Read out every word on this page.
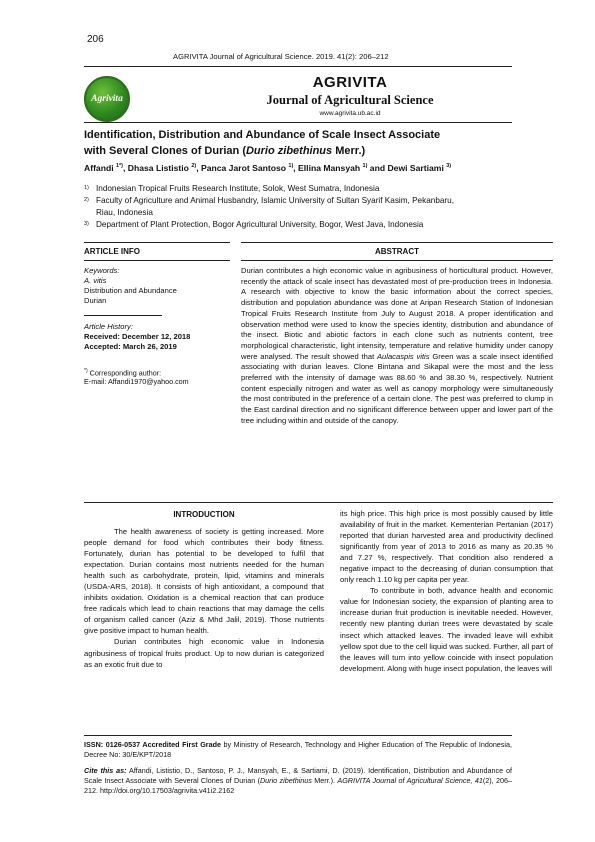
206
AGRIVITA Journal of Agricultural Science. 2019. 41(2): 206–212
Agrivita
AGRIVITA
Journal of Agricultural Science
www.agrivita.ub.ac.id
Identification, Distribution and Abundance of Scale Insect Associate
with Several Clones of Durian (Durio zibethinus Merr.)
Affandi $^{1*)}$, Dhasa Lististio $^{2)}$, Panca Jarot Santoso $^{1)}$, Ellina Mansyah $^{1)}$ and Dewi Sartiami $^{3)}$
$^{1)}$ Indonesian Tropical Fruits Research Institute, Solok, West Sumatra, Indonesia
$^{2)}$ Faculty of Agriculture and Animal Husbandry, Islamic University of Sultan Syarif Kasim, Pekanbaru,
Riau, Indonesia
$^{3)}$ Department of Plant Protection, Bogor Agricultural University, Bogor, West Java, Indonesia
ARTICLE INFO
Keywords:
A. vitis
Distribution and Abundance
Durian
Article History:
Received: December 12, 2018
Accepted: March 26, 2019
*) Corresponding author:
E-mail: Affandi1970@yahoo.com
ABSTRACT
Durian contributes a high economic value in agribusiness of horticultural product. However, recently the attack of scale insect has devastated most of pre-production trees in Indonesia. A research with objective to know the basic information about the correct species, distribution and population abundance was done at Aripan Research Station of Indonesian Tropical Fruits Research Institute from July to August 2018. A proper identification and observation method were used to know the species identity, distribution and abundance of the insect. Biotic and abiotic factors in each clone such as nutrients content, tree morphological characteristic, light intensity, temperature and relative humidity under canopy were analysed. The result showed that Aulacaspis vitis Green was a scale insect identified associating with durian leaves. Clone Bintana and Sikapal were the most and the less preferred with the intensity of damage was 88.60 % and 38.30 %, respectively. Nutrient content especially nitrogen and water as well as canopy morphology were simultaneously the most contributed in the preference of a certain clone. The pest was preferred to clump in the East cardinal direction and no significant difference between upper and lower part of the tree including within and outside of the canopy.
INTRODUCTION

The health awareness of society is getting increased. More people demand for food which contributes their body fitness. Fortunately, durian has potential to be developed to fulfil that expectation. Durian contains most nutrients needed for the human health such as carbohydrate, protein, lipid, vitamins and minerals (USDA-ARS, 2018). It consists of high antioxidant, a compound that inhibits oxidation. Oxidation is a chemical reaction that can produce free radicals which lead to chain reactions that may damage the cells of organism called cancer (Aziz & Mhd Jalil, 2019). Those nutrients give positive impact to human health.

Durian contributes high economic value in Indonesia agribusiness of tropical fruits product. Up to now durian is categorized as an exotic fruit due to

its high price. This high price is most possibly caused by little availability of fruit in the market. Kementerian Pertanian (2017) reported that durian harvested area and productivity declined significantly from year of 2013 to 2016 as many as 20.35 % and 7.27 %, respectively. That condition also rendered a negative impact to the decreasing of durian consumption that only reach 1.10 kg per capita per year.

To contribute in both, advance health and economic value for Indonesian society, the expansion of planting area to increase durian fruit production is inevitable needed. However, recently new planting durian trees were devastated by scale insect which attacked leaves. The invaded leave will exhibit yellow spot due to the cell liquid was sucked. Further, all part of the leaves will turn into yellow coincide with insect population development. Along with huge insect population, the leaves will

ISSN: 0126-0537 Accredited First Grade by Ministry of Research, Technology and Higher Education of The Republic of Indonesia, Decree No: 30/E/KPT/2018
Cite this as: Affandi, Lististio, D., Santoso, P. J., Mansyah, E., & Sartiami, D. (2019). Identification, Distribution and Abundance of Scale Insect Associate with Several Clones of Durian (Durio zibethinus Merr.). AGRIVITA Journal of Agricultural Science, 41(2), 206–212. http://doi.org/10.17503/agrivita.v41i2.2162
